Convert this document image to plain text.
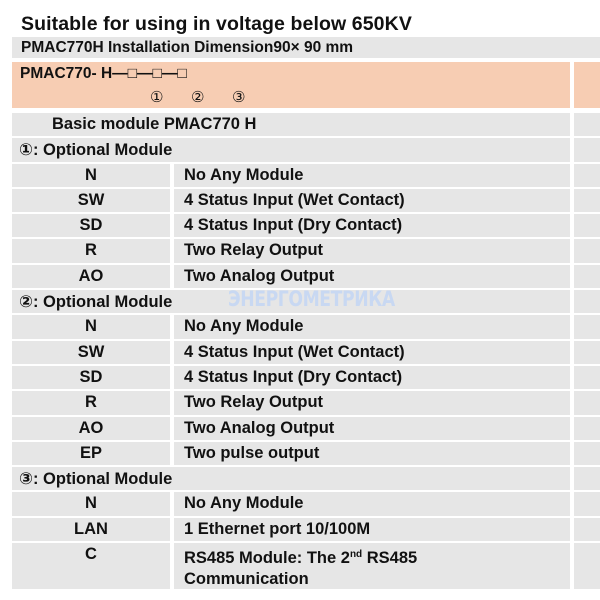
Suitable for using in voltage below 650KV
PMAC770H Installation Dimension90× 90 mm
PMAC770- H—□—□—□
① ② ③
Basic module PMAC770 H
①: Optional Module
N	No Any Module
SW	4 Status Input (Wet Contact)
SD	4 Status Input (Dry Contact)
R	Two Relay Output
AO	Two Analog Output
②: Optional Module
N	No Any Module
SW	4 Status Input (Wet Contact)
SD	4 Status Input (Dry Contact)
R	Two Relay Output
AO	Two Analog Output
EP	Two pulse output
③: Optional Module
N	No Any Module
LAN	1 Ethernet port 10/100M
C	RS485 Module: The 2nd RS485
Communication
ЭНЕРГОМЕТРИКА
